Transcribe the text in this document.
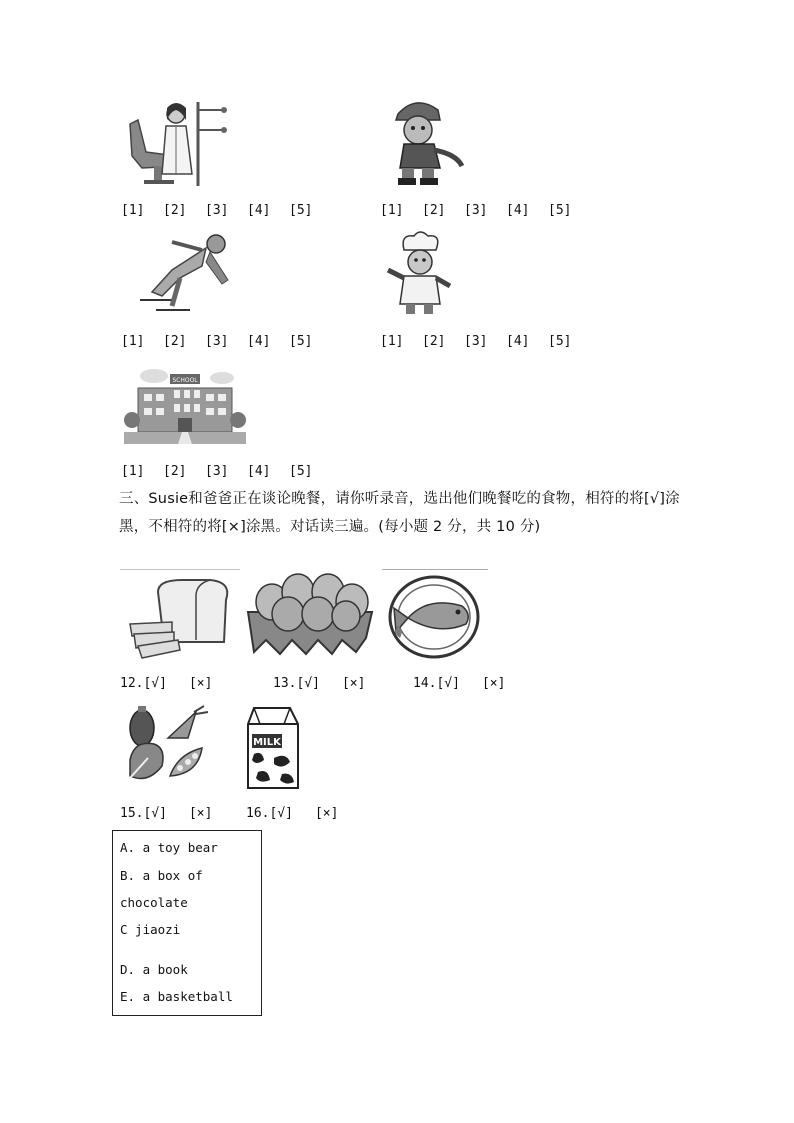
[1] [2] [3] [4] [5]	[1] [2] [3] [4] [5]
[1] [2] [3] [4] [5]	[1] [2] [3] [4] [5]
SCHOOL
[1] [2] [3] [4] [5]
三、Susie和爸爸正在谈论晚餐，请你听录音，选出他们晚餐吃的食物，相符的将[√]涂
黑，不相符的将[×]涂黑。对话读三遍。(每小题 2 分，共 10 分)
12.[√] [×]	13.[√] [×]	14.[√] [×]
MILK
15.[√] [×]	16.[√] [×]
A. a toy bear
B. a box of
chocolate
C jiaozi
D. a book
E. a basketball
